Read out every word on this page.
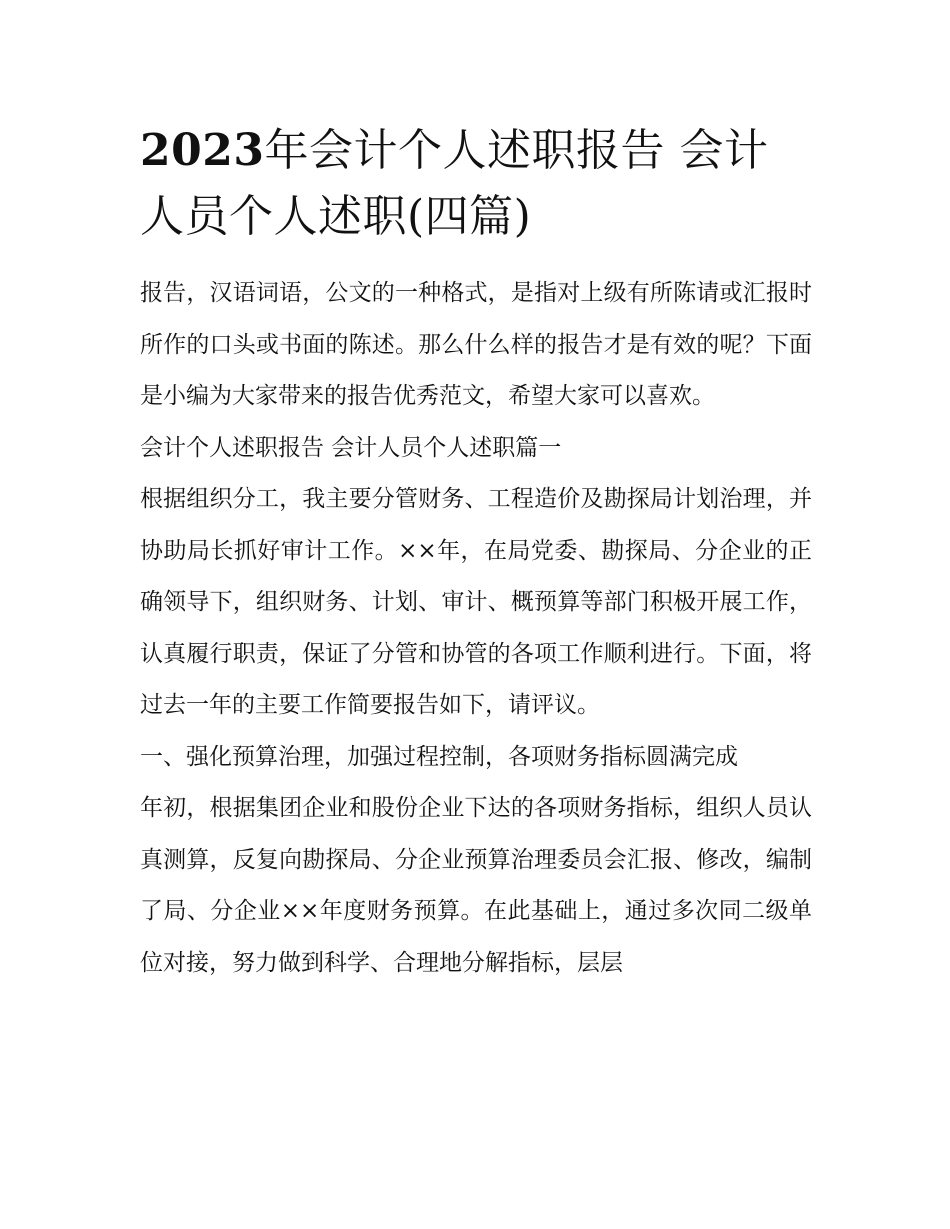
2023年会计个人述职报告 会计人员个人述职(四篇)

报告，汉语词语，公文的一种格式，是指对上级有所陈请或汇报时所作的口头或书面的陈述。那么什么样的报告才是有效的呢？下面是小编为大家带来的报告优秀范文，希望大家可以喜欢。

会计个人述职报告 会计人员个人述职篇一

根据组织分工，我主要分管财务、工程造价及勘探局计划治理，并协助局长抓好审计工作。××年，在局党委、勘探局、分企业的正确领导下，组织财务、计划、审计、概预算等部门积极开展工作，认真履行职责，保证了分管和协管的各项工作顺利进行。下面，将过去一年的主要工作简要报告如下，请评议。

一、强化预算治理，加强过程控制，各项财务指标圆满完成

年初，根据集团企业和股份企业下达的各项财务指标，组织人员认真测算，反复向勘探局、分企业预算治理委员会汇报、修改，编制了局、分企业××年度财务预算。在此基础上，通过多次同二级单位对接，努力做到科学、合理地分解指标，层层
